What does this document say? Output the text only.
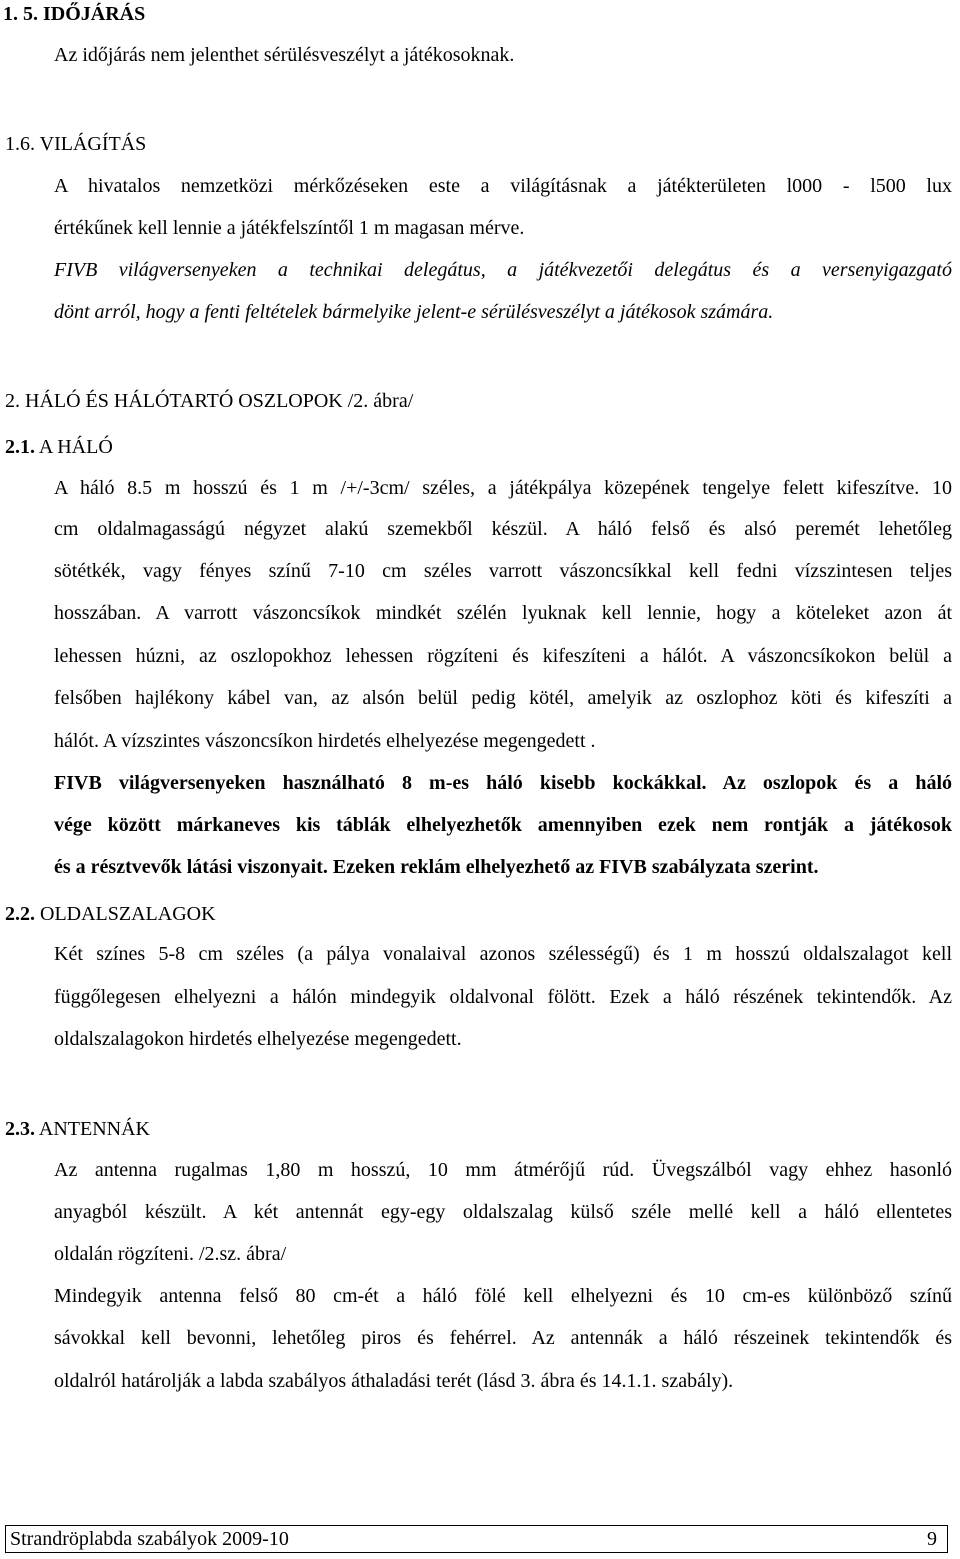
1. 5. IDŐJÁRÁS
Az időjárás nem jelenthet sérülésveszélyt a játékosoknak.
1.6. VILÁGÍTÁS
A hivatalos nemzetközi mérkőzéseken este a világításnak a játékterületen l000 - l500 lux
értékűnek kell lennie a játékfelszíntől 1 m magasan mérve.
FIVB világversenyeken a technikai delegátus, a játékvezetői delegátus és a versenyigazgató
dönt arról, hogy a fenti feltételek bármelyike jelent-e sérülésveszélyt a játékosok számára.
2. HÁLÓ ÉS HÁLÓTARTÓ OSZLOPOK /2. ábra/
2.1. A HÁLÓ
A háló 8.5 m hosszú és 1 m /+/-3cm/ széles, a játékpálya közepének tengelye felett kifeszítve. 10
cm oldalmagasságú négyzet alakú szemekből készül. A háló felső és alsó peremét lehetőleg
sötétkék, vagy fényes színű 7-10 cm széles varrott vászoncsíkkal kell fedni vízszintesen teljes
hosszában. A varrott vászoncsíkok mindkét szélén lyuknak kell lennie, hogy a köteleket azon át
lehessen húzni, az oszlopokhoz lehessen rögzíteni és kifeszíteni a hálót. A vászoncsíkokon belül a
felsőben hajlékony kábel van, az alsón belül pedig kötél, amelyik az oszlophoz köti és kifeszíti a
hálót. A vízszintes vászoncsíkon hirdetés elhelyezése megengedett .
FIVB világversenyeken használható 8 m-es háló kisebb kockákkal. Az oszlopok és a háló
vége között márkaneves kis táblák elhelyezhetők amennyiben ezek nem rontják a játékosok
és a résztvevők látási viszonyait. Ezeken reklám elhelyezhető az FIVB szabályzata szerint.
2.2. OLDALSZALAGOK
Két színes 5-8 cm széles (a pálya vonalaival azonos szélességű) és 1 m hosszú oldalszalagot kell
függőlegesen elhelyezni a hálón mindegyik oldalvonal fölött. Ezek a háló részének tekintendők. Az
oldalszalagokon hirdetés elhelyezése megengedett.
2.3. ANTENNÁK
Az antenna rugalmas 1,80 m hosszú, 10 mm átmérőjű rúd. Üvegszálból vagy ehhez hasonló
anyagból készült. A két antennát egy-egy oldalszalag külső széle mellé kell a háló ellentetes
oldalán rögzíteni. /2.sz. ábra/
Mindegyik antenna felső 80 cm-ét a háló fölé kell elhelyezni és 10 cm-es különböző színű
sávokkal kell bevonni, lehetőleg piros és fehérrel. Az antennák a háló részeinek tekintendők és
oldalról határolják a labda szabályos áthaladási terét (lásd 3. ábra és 14.1.1. szabály).
Strandröplabda szabályok 2009-10	9
